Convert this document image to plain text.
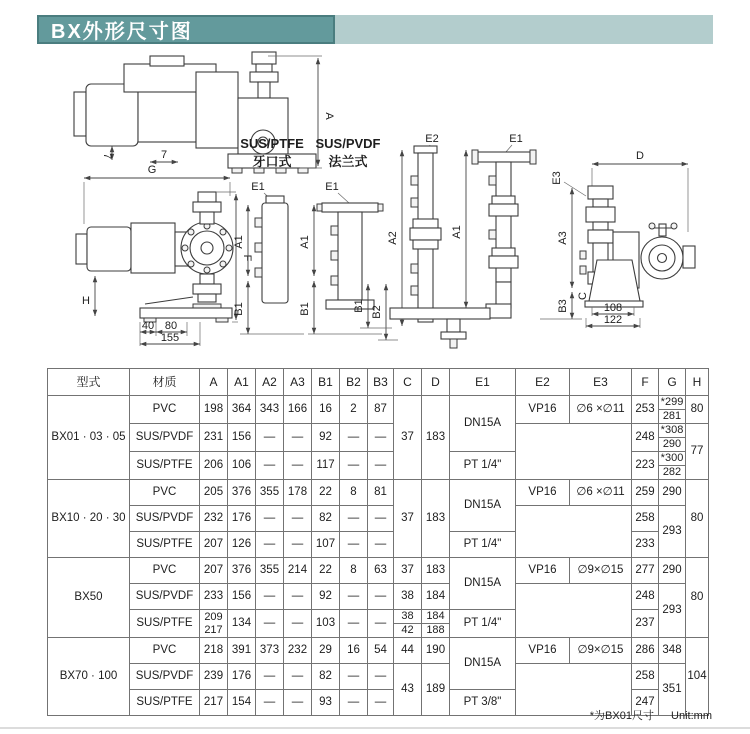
BX外形尺寸图
A
7	7
G
H
F
40 80
155
SUS/PTFE
牙口式
E1
A1
B1
SUS/PVDF
法兰式
E1
A1
B1	B1 B2
E2
A2
E1
A1
D
E3
A3
B3
C
108
122
型式	材质	A	A1	A2	A3	B1	B2	B3	C	D	E1	E2	E3	F	G	H
BX01 · 03 · 05	PVC	198	364	343	166	16	2	87	37	183	DN15A	VP16	∅6 ×∅11	253	*299
281	80
	SUS/PVDF	231	156	—	—	92	—	—						248	*308
290	77
	SUS/PTFE	206	106	—	—	117	—	—			PT 1/4"			223	*300
282	

BX10 · 20 · 30	PVC	205	376	355	178	22	8	81	37	183	DN15A	VP16	∅6 ×∅11	259	290	80
	SUS/PVDF	232	176	—	—	82	—	—						258	293	
	SUS/PTFE	207	126	—	—	107	—	—			PT 1/4"			233		
BX50	PVC	207	376	355	214	22	8	63	37	183	DN15A	VP16	∅9×∅15	277	290	80
	SUS/PVDF	233	156	—	—	92	—	—	38	184				248	293	
SUS/PTFE	
209
217
	134	—	—	103	—	—	
38
42

184
188
	PT 1/4"	237
BX70 · 100	PVC	218	391	373	232	29	16	54	44	190	DN15A	VP16	∅9×∅15	286	348	104
	SUS/PVDF	239	176	—	—	82	—	—	43	189				258	351	
	SUS/PTFE	217	154	—	—	93	—	—			PT 3/8"			247		
*为BX01尺寸 Unit:mm
